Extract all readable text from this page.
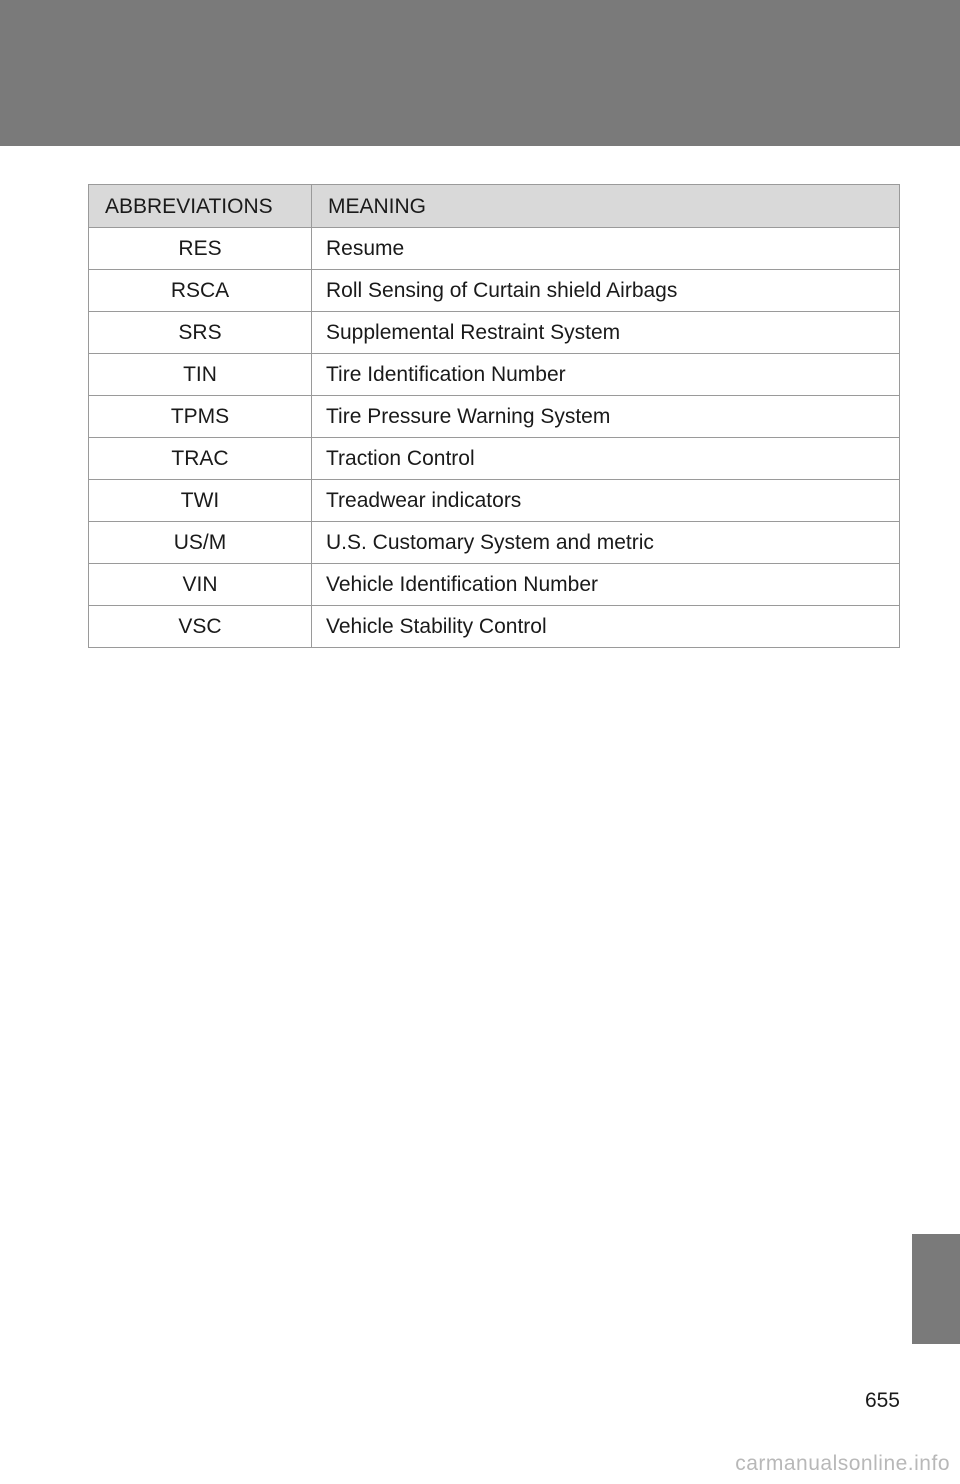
ABBREVIATIONS	MEANING
RES	Resume
RSCA	Roll Sensing of Curtain shield Airbags
SRS	Supplemental Restraint System
TIN	Tire Identification Number
TPMS	Tire Pressure Warning System
TRAC	Traction Control
TWI	Treadwear indicators
US/M	U.S. Customary System and metric
VIN	Vehicle Identification Number
VSC	Vehicle Stability Control
655
carmanualsonline.info
